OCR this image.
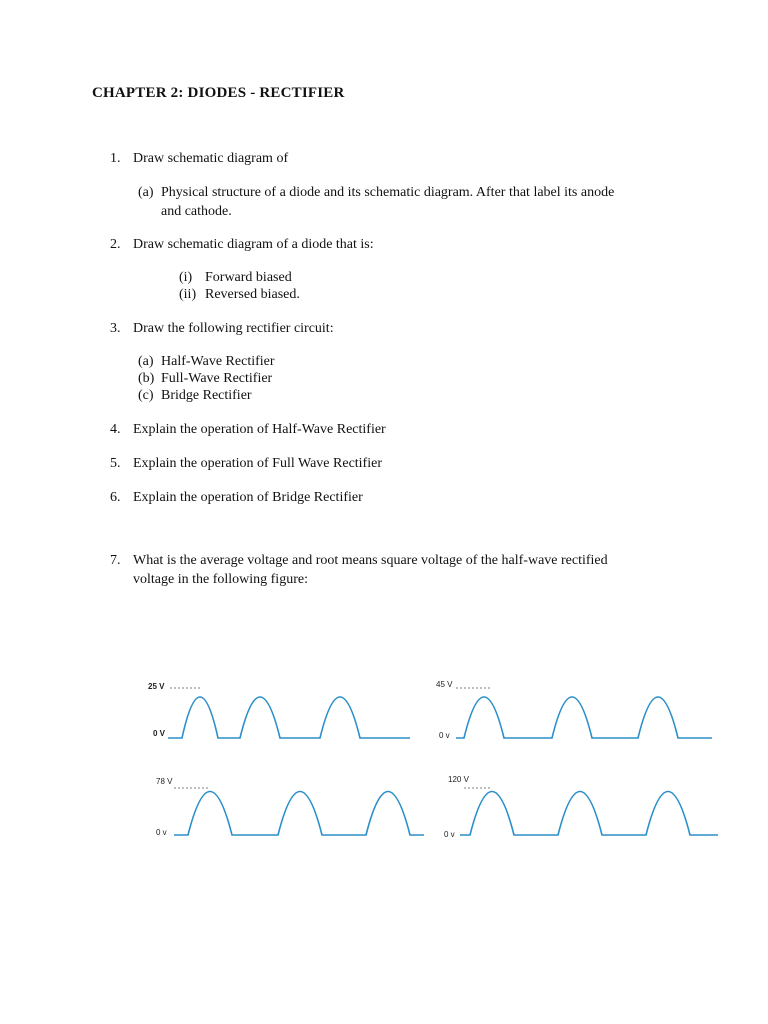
CHAPTER 2: DIODES - RECTIFIER
1. Draw schematic diagram of
(a) Physical structure of a diode and its schematic diagram. After that label its anode
and cathode.
2. Draw schematic diagram of a diode that is:
(i) Forward biased
(ii) Reversed biased.
3. Draw the following rectifier circuit:
(a) Half-Wave Rectifier
(b) Full-Wave Rectifier
(c) Bridge Rectifier
4. Explain the operation of Half-Wave Rectifier
5. Explain the operation of Full Wave Rectifier
6. Explain the operation of Bridge Rectifier
7. What is the average voltage and root means square voltage of the half-wave rectified
voltage in the following figure:
25 V
0 V
45 V
0 v
78 V
0 v
120 V
0 v
